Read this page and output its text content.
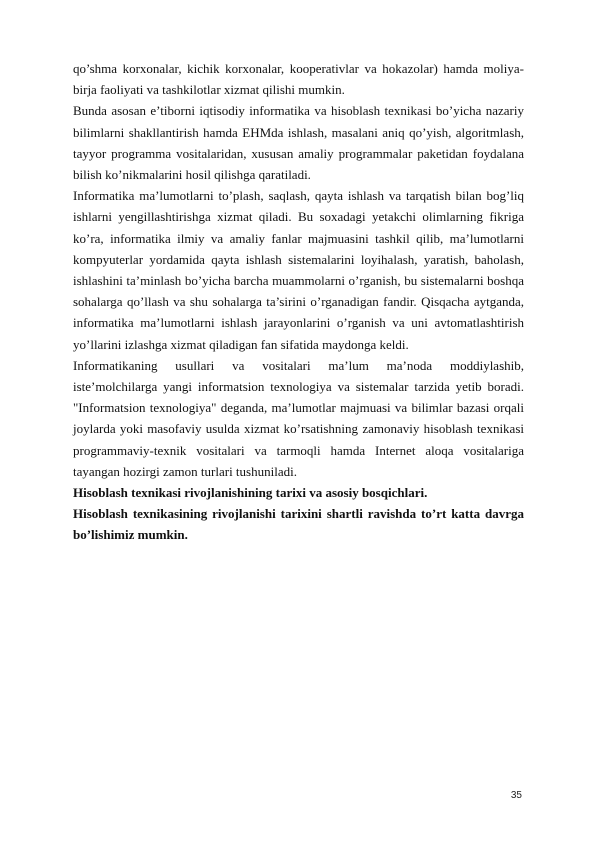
qo’shma korxonalar, kichik korxonalar, kooperativlar va hokazolar) hamda moliya-birja faoliyati va tashkilotlar xizmat qilishi mumkin.

Bunda asosan e’tiborni iqtisodiy informatika va hisoblash texnikasi bo’yicha nazariy bilimlarni shakllantirish hamda EHMda ishlash, masalani aniq qo’yish, algoritmlash, tayyor programma vositalaridan, xususan amaliy programmalar paketidan foydalana bilish ko’nikmalarini hosil qilishga qaratiladi.

Informatika ma’lumotlarni to’plash, saqlash, qayta ishlash va tarqatish bilan bog’liq ishlarni yengillashtirishga xizmat qiladi. Bu soxadagi yetakchi olimlarning fikriga ko’ra, informatika ilmiy va amaliy fanlar majmuasini tashkil qilib, ma’lumotlarni kompyuterlar yordamida qayta ishlash sistemalarini loyihalash, yaratish, baholash, ishlashini ta’minlash bo’yicha barcha muammolarni o’rganish, bu sistemalarni boshqa sohalarga qo’llash va shu sohalarga ta’sirini o’rganadigan fandir. Qisqacha aytganda, informatika ma’lumotlarni ishlash jarayonlarini o’rganish va uni avtomatlashtirish yo’llarini izlashga xizmat qiladigan fan sifatida maydonga keldi.

Informatikaning usullari va vositalari ma’lum ma’noda moddiylashib, iste’molchilarga yangi informatsion texnologiya va sistemalar tarzida yetib boradi. "Informatsion texnologiya" deganda, ma’lumotlar majmuasi va bilimlar bazasi orqali joylarda yoki masofaviy usulda xizmat ko’rsatishning zamonaviy hisoblash texnikasi programmaviy-texnik vositalari va tarmoqli hamda Internet aloqa vositalariga tayangan hozirgi zamon turlari tushuniladi.

Hisoblash texnikasi rivojlanishining tarixi va asosiy bosqichlari.

Hisoblash texnikasining rivojlanishi tarixini shartli ravishda to’rt katta davrga bo’lishimiz mumkin.

35
